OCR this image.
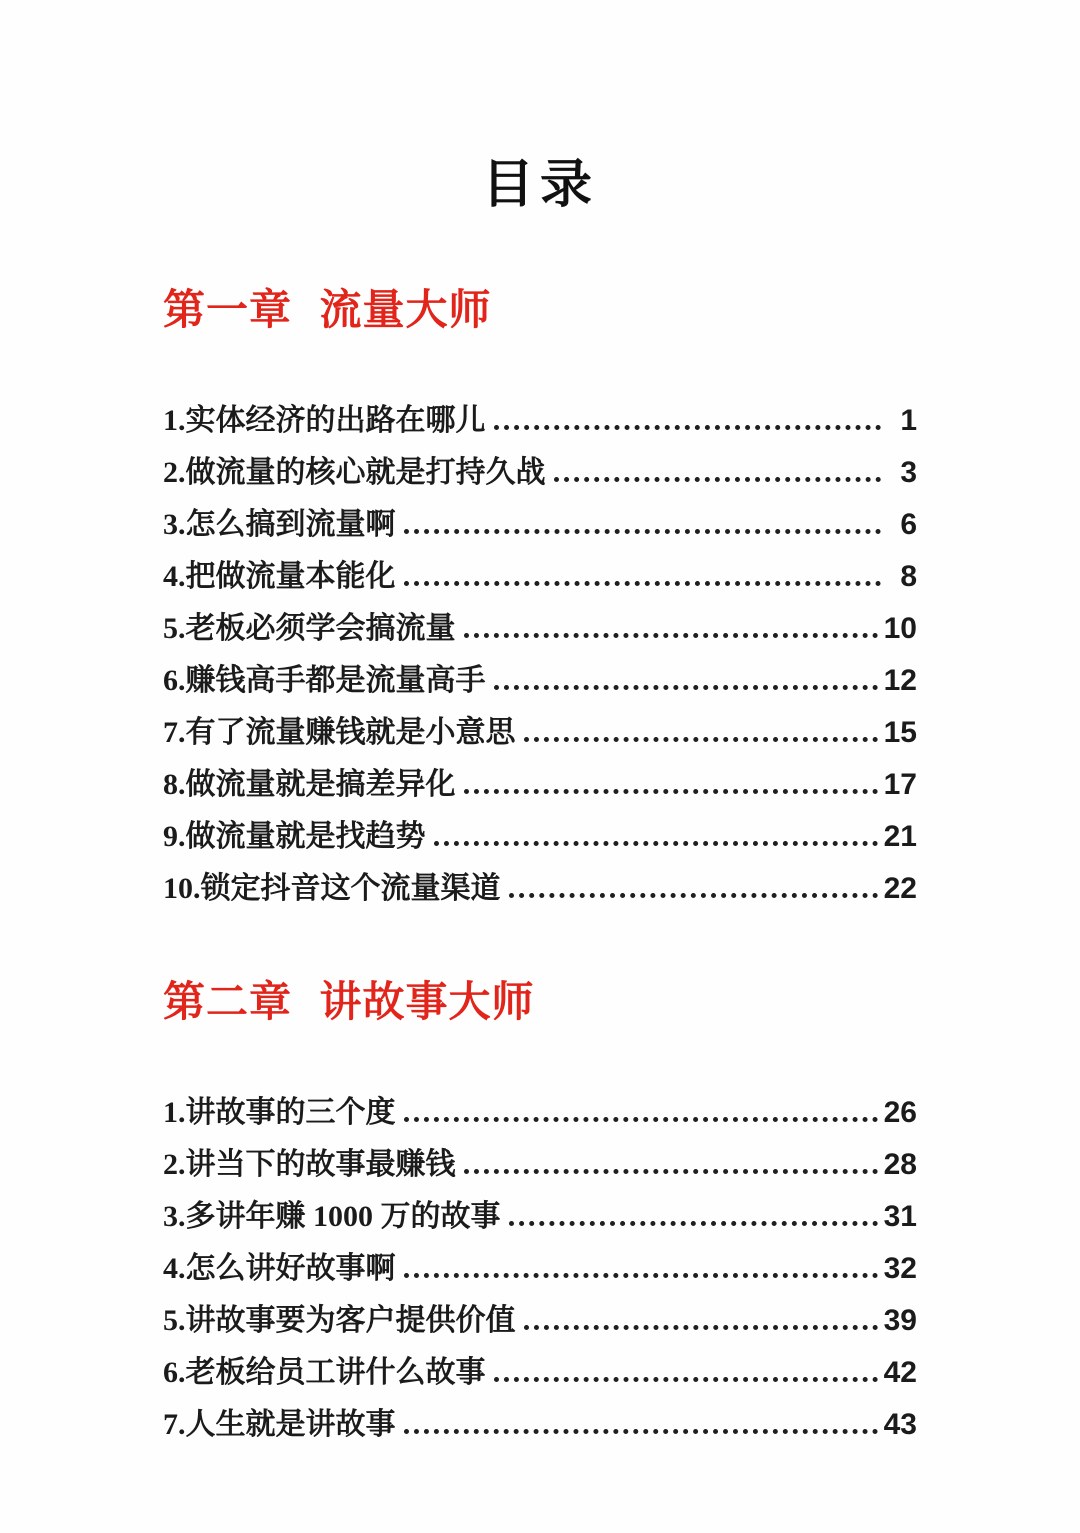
目录
第一章 流量大师
1.实体经济的出路在哪儿	1
2.做流量的核心就是打持久战	3
3.怎么搞到流量啊	6
4.把做流量本能化	8
5.老板必须学会搞流量	10
6.赚钱高手都是流量高手	12
7.有了流量赚钱就是小意思	15
8.做流量就是搞差异化	17
9.做流量就是找趋势	21
10.锁定抖音这个流量渠道	22
第二章 讲故事大师
1.讲故事的三个度	26
2.讲当下的故事最赚钱	28
3.多讲年赚 1000 万的故事	31
4.怎么讲好故事啊	32
5.讲故事要为客户提供价值	39
6.老板给员工讲什么故事	42
7.人生就是讲故事	43
